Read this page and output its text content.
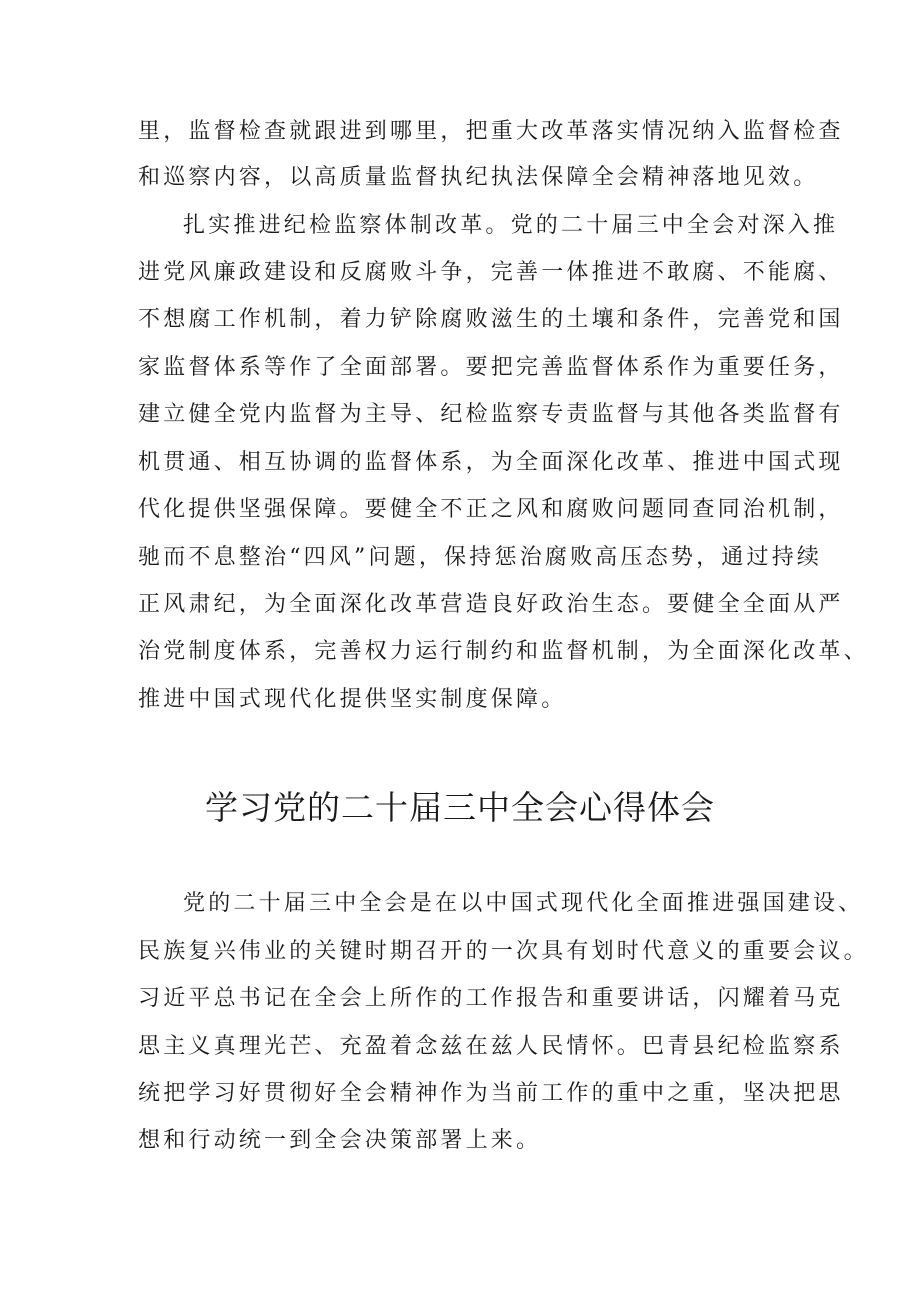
里，监督检查就跟进到哪里，把重大改革落实情况纳入监督检查
和巡察内容，以高质量监督执纪执法保障全会精神落地见效。
扎实推进纪检监察体制改革。党的二十届三中全会对深入推
进党风廉政建设和反腐败斗争，完善一体推进不敢腐、不能腐、
不想腐工作机制，着力铲除腐败滋生的土壤和条件，完善党和国
家监督体系等作了全面部署。要把完善监督体系作为重要任务，
建立健全党内监督为主导、纪检监察专责监督与其他各类监督有
机贯通、相互协调的监督体系，为全面深化改革、推进中国式现
代化提供坚强保障。要健全不正之风和腐败问题同查同治机制，
驰而不息整治“四风”问题，保持惩治腐败高压态势，通过持续
正风肃纪，为全面深化改革营造良好政治生态。要健全全面从严
治党制度体系，完善权力运行制约和监督机制，为全面深化改革、
推进中国式现代化提供坚实制度保障。
学习党的二十届三中全会心得体会
党的二十届三中全会是在以中国式现代化全面推进强国建设、
民族复兴伟业的关键时期召开的一次具有划时代意义的重要会议。
习近平总书记在全会上所作的工作报告和重要讲话，闪耀着马克
思主义真理光芒、充盈着念兹在兹人民情怀。巴青县纪检监察系
统把学习好贯彻好全会精神作为当前工作的重中之重，坚决把思
想和行动统一到全会决策部署上来。
